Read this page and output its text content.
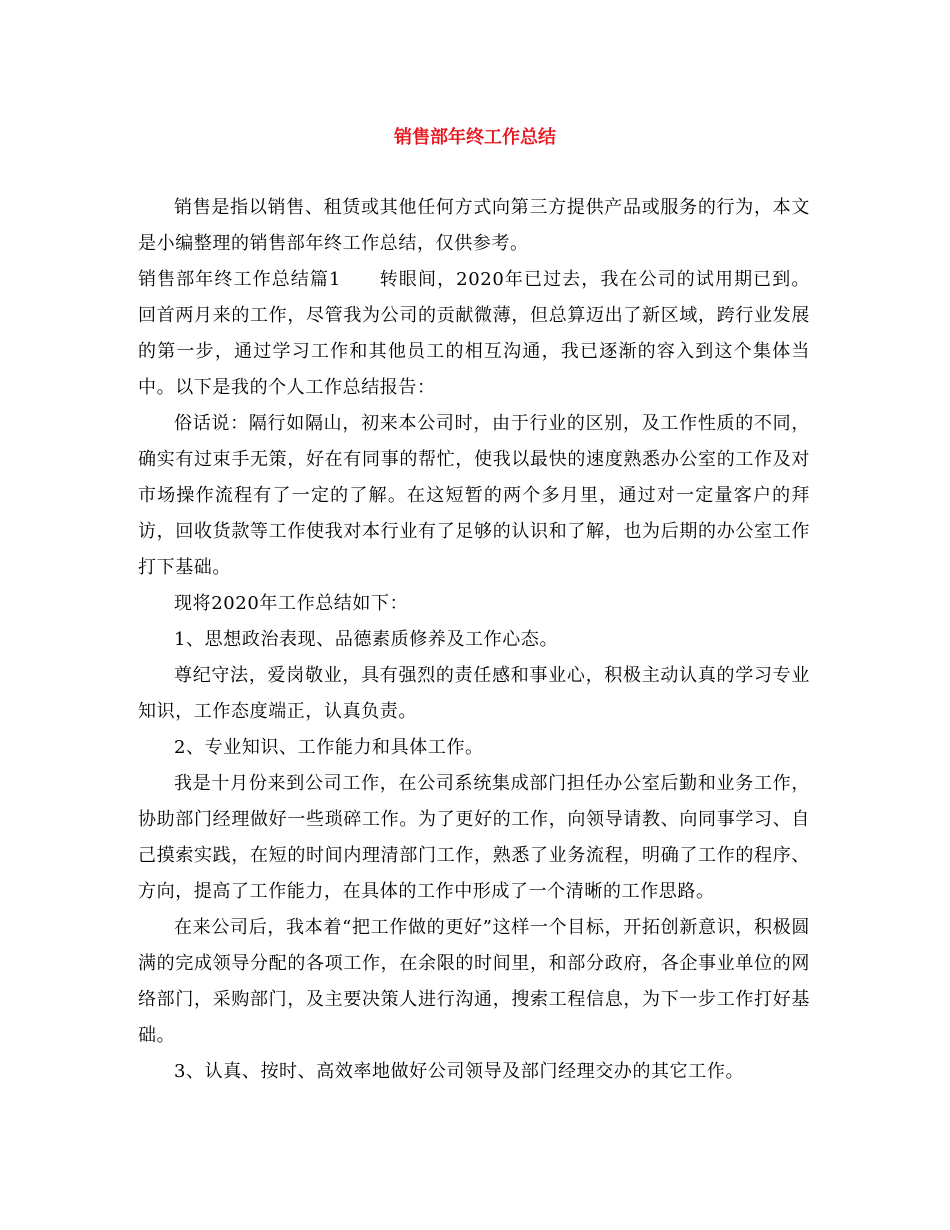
销售部年终工作总结

销售是指以销售、租赁或其他任何方式向第三方提供产品或服务的行为，本文是小编整理的销售部年终工作总结，仅供参考。

销售部年终工作总结篇1　　转眼间，2020年已过去，我在公司的试用期已到。回首两月来的工作，尽管我为公司的贡献微薄，但总算迈出了新区域，跨行业发展的第一步，通过学习工作和其他员工的相互沟通，我已逐渐的容入到这个集体当中。以下是我的个人工作总结报告：

俗话说：隔行如隔山，初来本公司时，由于行业的区别，及工作性质的不同，确实有过束手无策，好在有同事的帮忙，使我以最快的速度熟悉办公室的工作及对市场操作流程有了一定的了解。在这短暂的两个多月里，通过对一定量客户的拜访，回收货款等工作使我对本行业有了足够的认识和了解，也为后期的办公室工作打下基础。

现将2020年工作总结如下：

1、思想政治表现、品德素质修养及工作心态。

尊纪守法，爱岗敬业，具有强烈的责任感和事业心，积极主动认真的学习专业知识，工作态度端正，认真负责。

2、专业知识、工作能力和具体工作。

我是十月份来到公司工作，在公司系统集成部门担任办公室后勤和业务工作，协助部门经理做好一些琐碎工作。为了更好的工作，向领导请教、向同事学习、自己摸索实践，在短的时间内理清部门工作，熟悉了业务流程，明确了工作的程序、方向，提高了工作能力，在具体的工作中形成了一个清晰的工作思路。

在来公司后，我本着“把工作做的更好”这样一个目标，开拓创新意识，积极圆满的完成领导分配的各项工作，在余限的时间里，和部分政府，各企事业单位的网络部门，采购部门，及主要决策人进行沟通，搜索工程信息，为下一步工作打好基础。

3、认真、按时、高效率地做好公司领导及部门经理交办的其它工作。
